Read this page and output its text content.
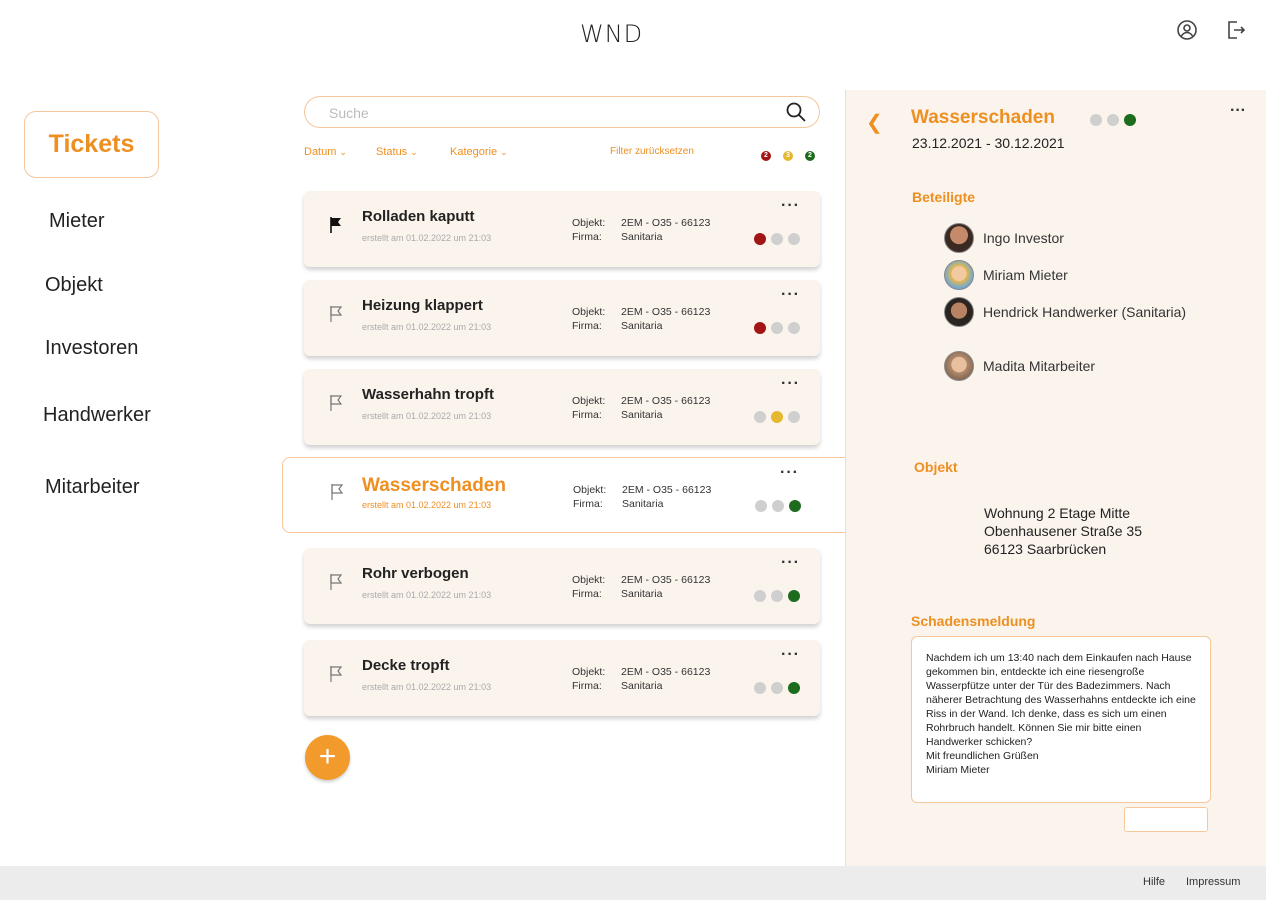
WND
Tickets
Mieter
Objekt
Investoren
Handwerker
Mitarbeiter
Suche
Datum ⌄	Status ⌄	Kategorie ⌄	Filter zurücksetzen	2	3	2
Rolladen kaputt
erstellt am 01.02.2022 um 21:03
Objekt: 2EM - O35 - 66123
Firma: Sanitaria
···
Heizung klappert
erstellt am 01.02.2022 um 21:03
Objekt: 2EM - O35 - 66123
Firma: Sanitaria
···
Wasserhahn tropft
erstellt am 01.02.2022 um 21:03
Objekt: 2EM - O35 - 66123
Firma: Sanitaria
···
Wasserschaden
erstellt am 01.02.2022 um 21:03
Objekt: 2EM - O35 - 66123
Firma: Sanitaria
···
Rohr verbogen
erstellt am 01.02.2022 um 21:03
Objekt: 2EM - O35 - 66123
Firma: Sanitaria
···
Decke tropft
erstellt am 01.02.2022 um 21:03
Objekt: 2EM - O35 - 66123
Firma: Sanitaria
···
+
❮ Wasserschaden	···
23.12.2021 - 30.12.2021
Beteiligte
Ingo Investor
Miriam Mieter
Hendrick Handwerker (Sanitaria)
Madita Mitarbeiter
Objekt
Wohnung 2 Etage Mitte
Obenhausener Straße 35
66123 Saarbrücken
Schadensmeldung
Nachdem ich um 13:40 nach dem Einkaufen nach Hause gekommen bin, entdeckte ich eine riesengroße Wasserpfütze unter der Tür des Badezimmers. Nach näherer Betrachtung des Wasserhahns entdeckte ich eine Riss in der Wand. Ich denke, dass es sich um einen Rohrbruch handelt. Können Sie mir bitte einen Handwerker schicken?
Mit freundlichen Grüßen
Miriam Mieter
Hilfe Impressum
